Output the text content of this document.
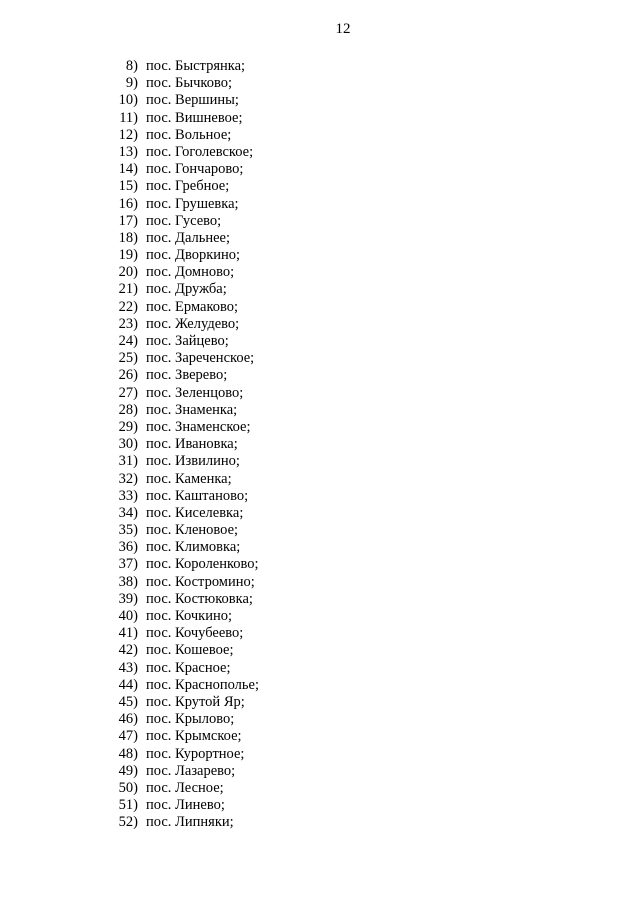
12
8) пос. Быстрянка;
9) пос. Бычково;
10) пос. Вершины;
11) пос. Вишневое;
12) пос. Вольное;
13) пос. Гоголевское;
14) пос. Гончарово;
15) пос. Гребное;
16) пос. Грушевка;
17) пос. Гусево;
18) пос. Дальнее;
19) пос. Дворкино;
20) пос. Домново;
21) пос. Дружба;
22) пос. Ермаково;
23) пос. Желудево;
24) пос. Зайцево;
25) пос. Зареченское;
26) пос. Зверево;
27) пос. Зеленцово;
28) пос. Знаменка;
29) пос. Знаменское;
30) пос. Ивановка;
31) пос. Извилино;
32) пос. Каменка;
33) пос. Каштаново;
34) пос. Киселевка;
35) пос. Кленовое;
36) пос. Климовка;
37) пос. Короленково;
38) пос. Костромино;
39) пос. Костюковка;
40) пос. Кочкино;
41) пос. Кочубеево;
42) пос. Кошевое;
43) пос. Красное;
44) пос. Краснополье;
45) пос. Крутой Яр;
46) пос. Крылово;
47) пос. Крымское;
48) пос. Курортное;
49) пос. Лазарево;
50) пос. Лесное;
51) пос. Линево;
52) пос. Липняки;
